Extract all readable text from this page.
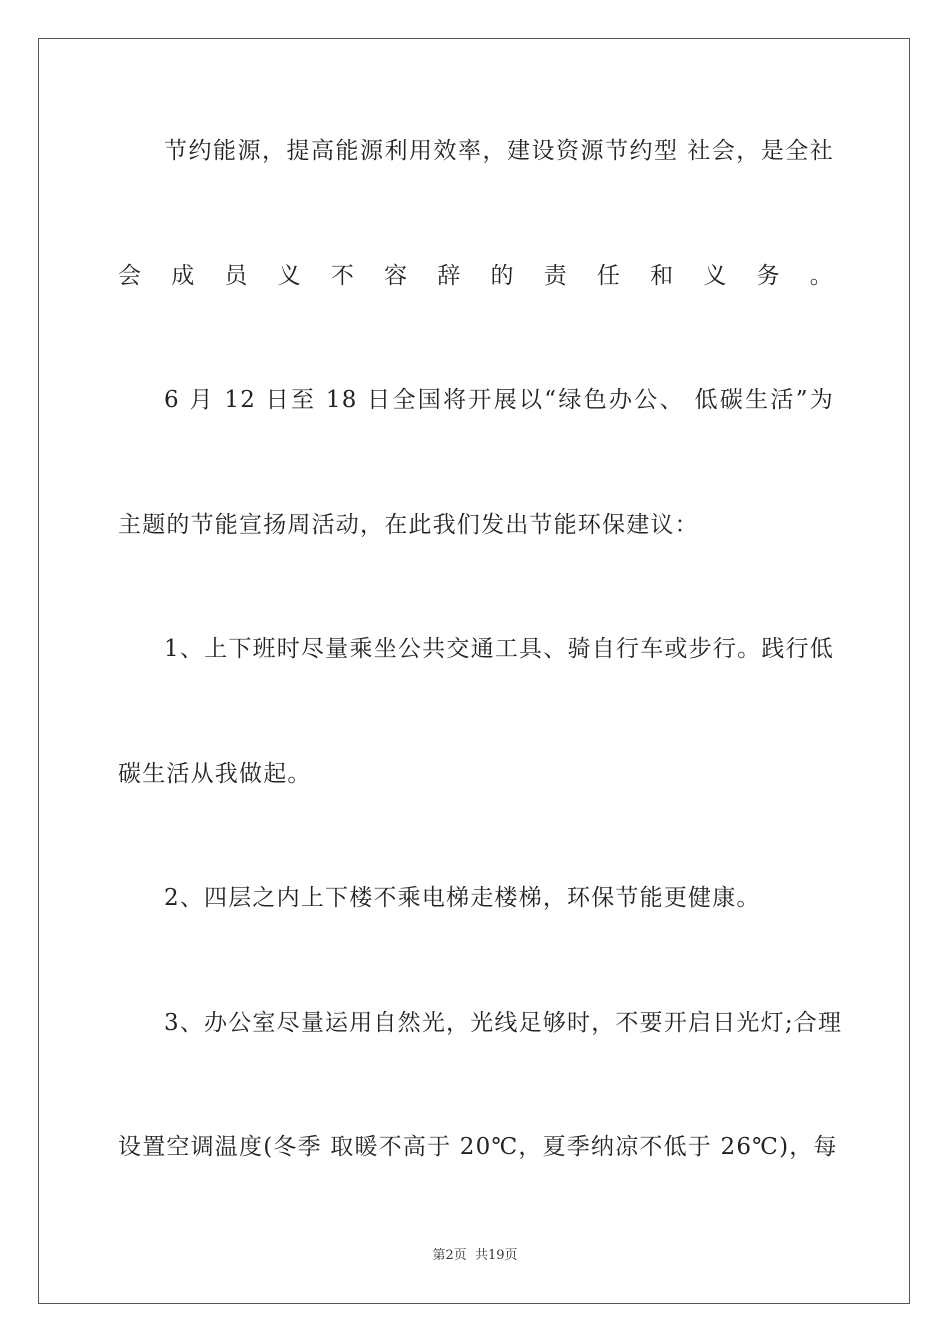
节约能源，提高能源利用效率，建设资源节约型 社会，是全社
会成员义不容辞的责任和义务。
6 月 12 日至 18 日全国将开展以“绿色办公、 低碳生活”为
主题的节能宣扬周活动，在此我们发出节能环保建议：
1、上下班时尽量乘坐公共交通工具、骑自行车或步行。践行低
碳生活从我做起。
2、四层之内上下楼不乘电梯走楼梯，环保节能更健康。
3、办公室尽量运用自然光，光线足够时，不要开启日光灯;合理
设置空调温度(冬季 取暖不高于 20℃，夏季纳凉不低于 26℃)，每
第2页 共19页
